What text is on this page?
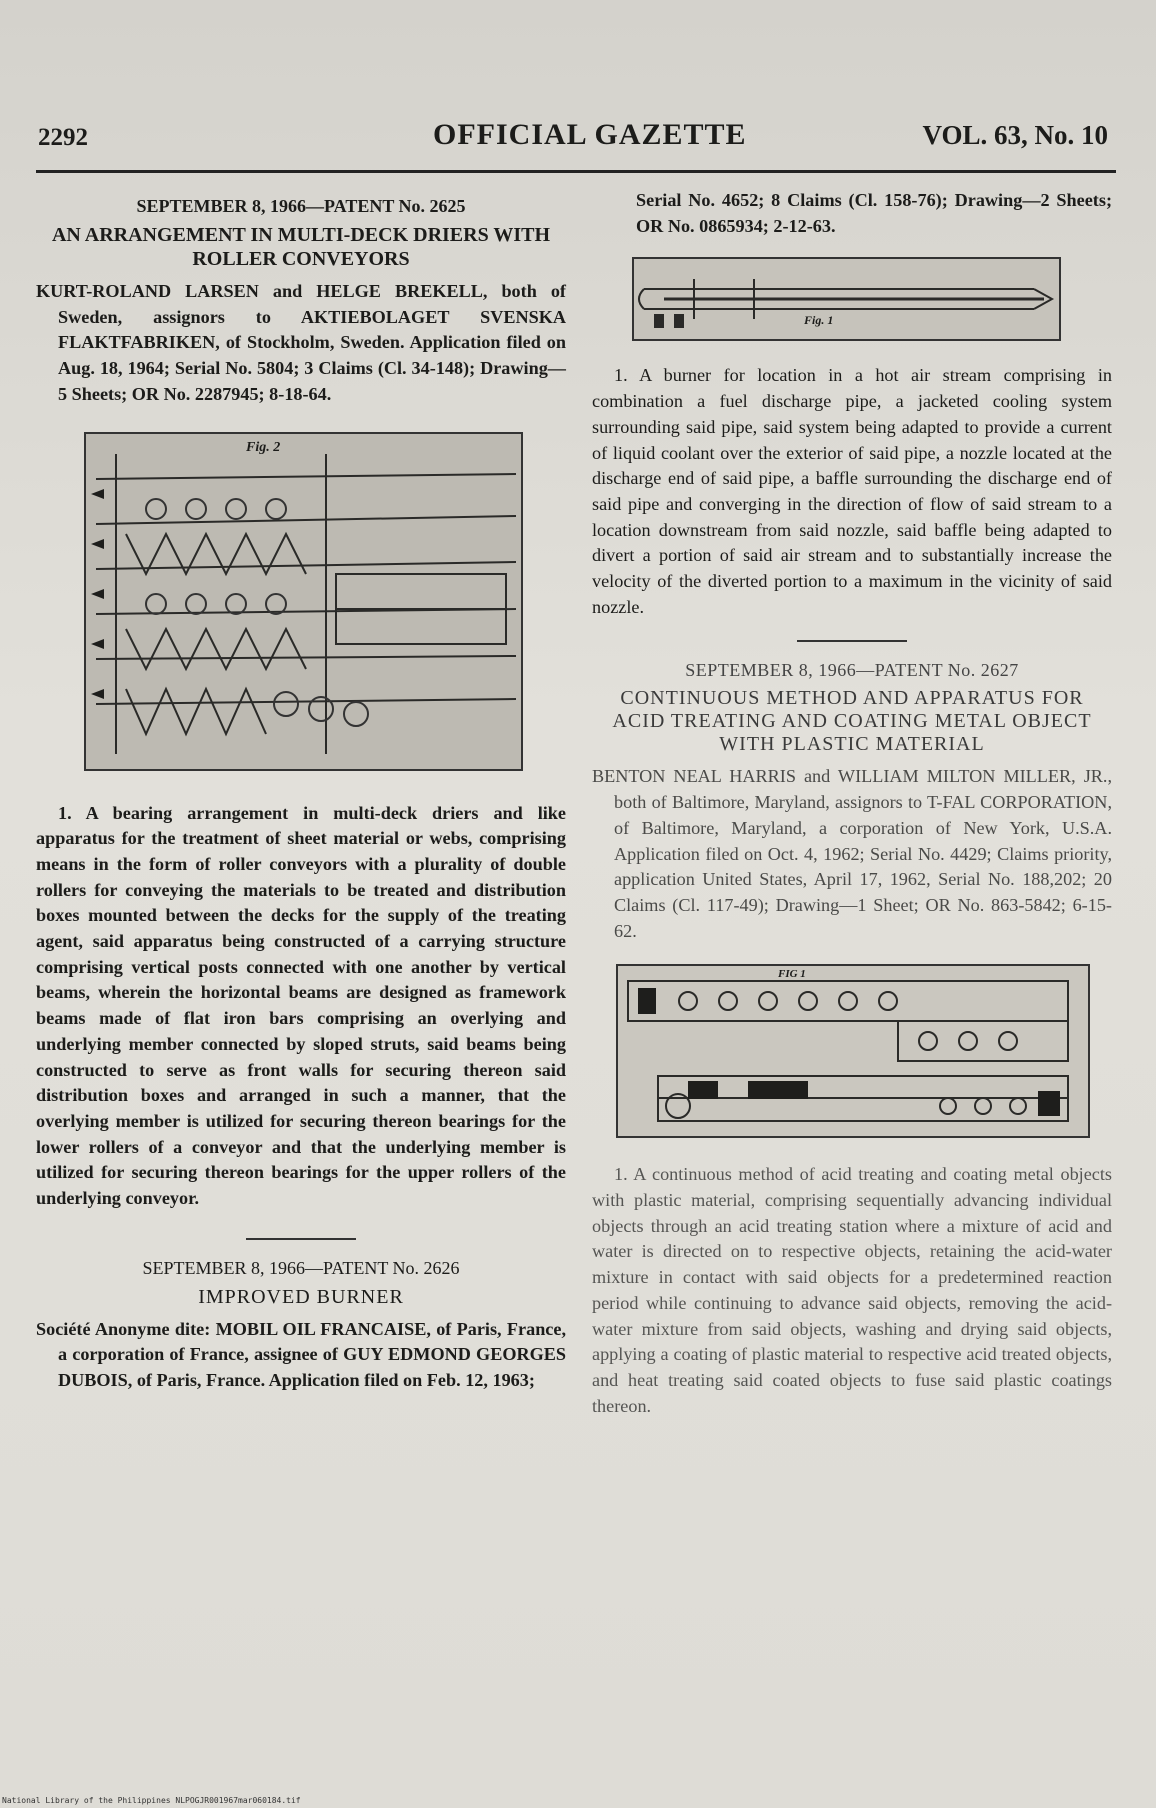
2292	OFFICIAL GAZETTE	VOL. 63, No. 10
SEPTEMBER 8, 1966—PATENT No. 2625
AN ARRANGEMENT IN MULTI-DECK DRIERS WITH ROLLER CONVEYORS

KURT-ROLAND LARSEN and HELGE BREKELL, both of Sweden, assignors to AKTIEBOLAGET SVENSKA FLAKTFABRIKEN, of Stockholm, Sweden. Application filed on Aug. 18, 1964; Serial No. 5804; 3 Claims (Cl. 34-148); Drawing—5 Sheets; OR No. 2287945; 8-18-64.

Fig. 2

1. A bearing arrangement in multi-deck driers and like apparatus for the treatment of sheet material or webs, comprising means in the form of roller conveyors with a plurality of double rollers for conveying the materials to be treated and distribution boxes mounted between the decks for the supply of the treating agent, said apparatus being constructed of a carrying structure comprising vertical posts connected with one another by vertical beams, wherein the horizontal beams are designed as framework beams made of flat iron bars comprising an overlying and underlying member connected by sloped struts, said beams being constructed to serve as front walls for securing thereon said distribution boxes and arranged in such a manner, that the overlying member is utilized for securing thereon bearings for the lower rollers of a conveyor and that the underlying member is utilized for securing thereon bearings for the upper rollers of the underlying conveyor.

SEPTEMBER 8, 1966—PATENT No. 2626
IMPROVED BURNER

Société Anonyme dite: MOBIL OIL FRANCAISE, of Paris, France, a corporation of France, assignee of GUY EDMOND GEORGES DUBOIS, of Paris, France. Application filed on Feb. 12, 1963;

Serial No. 4652; 8 Claims (Cl. 158-76); Drawing—2 Sheets; OR No. 0865934; 2-12-63.

Fig. 1

1. A burner for location in a hot air stream comprising in combination a fuel discharge pipe, a jacketed cooling system surrounding said pipe, said system being adapted to provide a current of liquid coolant over the exterior of said pipe, a nozzle located at the discharge end of said pipe, a baffle surrounding the discharge end of said pipe and converging in the direction of flow of said stream to a location downstream from said nozzle, said baffle being adapted to divert a portion of said air stream and to substantially increase the velocity of the diverted portion to a maximum in the vicinity of said nozzle.

SEPTEMBER 8, 1966—PATENT No. 2627
CONTINUOUS METHOD AND APPARATUS FOR ACID TREATING AND COATING METAL OBJECT WITH PLASTIC MATERIAL

BENTON NEAL HARRIS and WILLIAM MILTON MILLER, JR., both of Baltimore, Maryland, assignors to T-FAL CORPORATION, of Baltimore, Maryland, a corporation of New York, U.S.A. Application filed on Oct. 4, 1962; Serial No. 4429; Claims priority, application United States, April 17, 1962, Serial No. 188,202; 20 Claims (Cl. 117-49); Drawing—1 Sheet; OR No. 863-5842; 6-15-62.

FIG 1

1. A continuous method of acid treating and coating metal objects with plastic material, comprising sequentially advancing individual objects through an acid treating station where a mixture of acid and water is directed on to respective objects, retaining the acid-water mixture in contact with said objects for a predetermined reaction period while continuing to advance said objects, removing the acid-water mixture from said objects, washing and drying said objects, applying a coating of plastic material to respective acid treated objects, and heat treating said coated objects to fuse said plastic coatings thereon.

National Library of the Philippines NLPOGJR001967mar060184.tif
